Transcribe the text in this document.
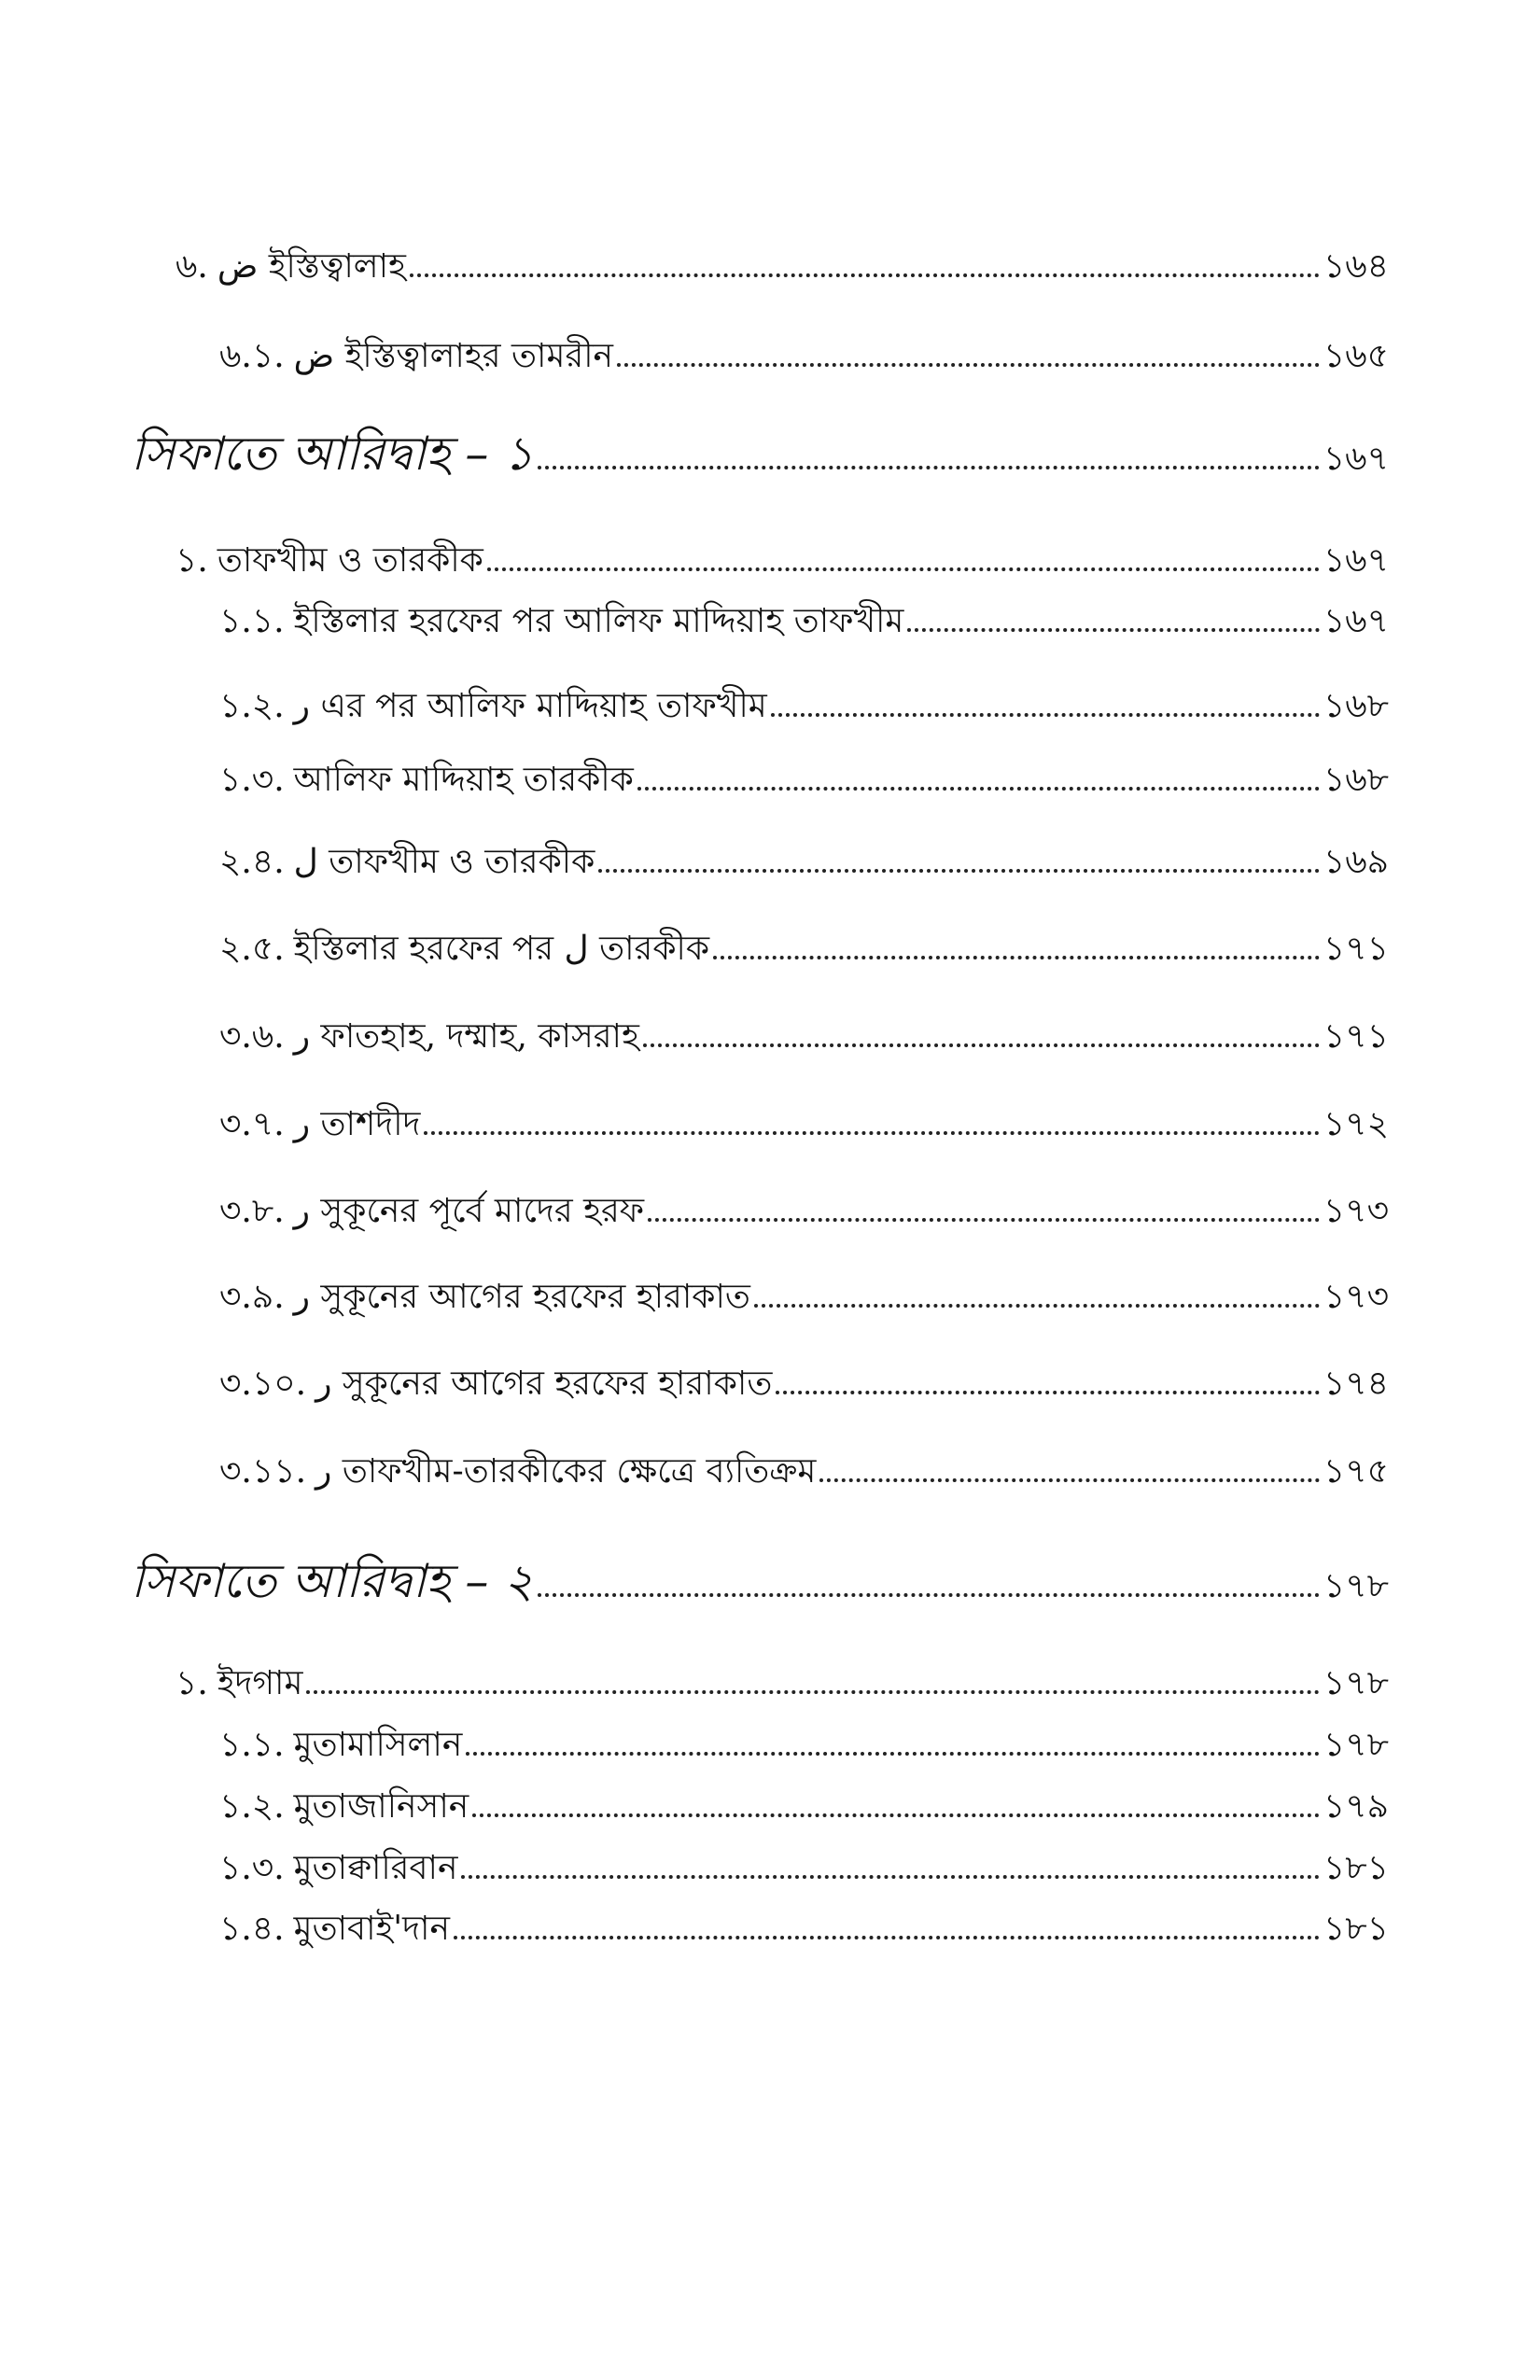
৬. ض ইস্তিত্বালাহ	১৬৪
৬.১. ض ইস্তিত্বালাহর তামরীন	১৬৫
সিফাতে আরিদ্বাহ – ১	১৬৭
১. তাফখীম ও তারকীক	১৬৭
১.১. ইস্তিলার হরফের পর আলিফ মাদ্দিয়াহ তাফখীম	১৬৭
১.২. ر এর পর আলিফ মাদ্দিয়াহ তাফখীম	১৬৮
১.৩. আলিফ মাদ্দিয়াহ তারকীক	১৬৮
২.৪. ل তাফখীম ও তারকীক	১৬৯
২.৫. ইস্তিলার হরফের পর ل তারকীক	১৭১
৩.৬. ر ফাতহাহ, দম্মাহ, কাসরাহ	১৭১
৩.৭. ر তাশদীদ	১৭২
৩.৮. ر সুকূনের পূর্বে মাদের হরফ	১৭৩
৩.৯. ر সুকূনের আগের হরফের হারাকাত	১৭৩
৩.১০. ر সুকূনের আগের হরফের হারাকাত	১৭৪
৩.১১. ر তাফখীম-তারকীকের ক্ষেত্রে ব্যতিক্রম	১৭৫
সিফাতে আরিদ্বাহ – ২	১৭৮
১. ইদগাম	১৭৮
১.১. মুতামাসিলান	১৭৮
১.২. মুতাজানিসান	১৭৯
১.৩. মুতাক্বারিবান	১৮১
১.৪. মুতাবাই'দান	১৮১
